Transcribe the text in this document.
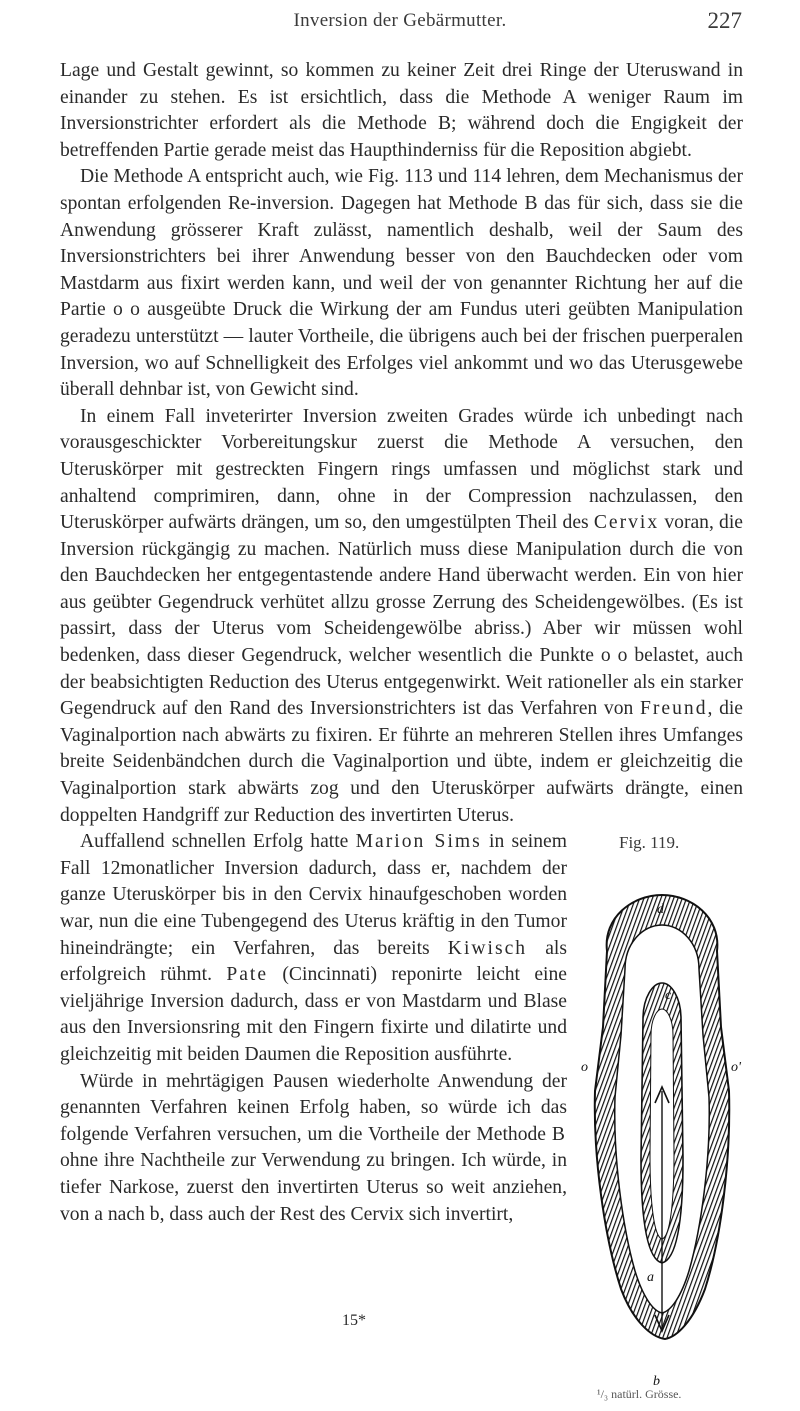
Inversion der Gebärmutter.	227

Lage und Gestalt gewinnt, so kommen zu keiner Zeit drei Ringe der Uteruswand in einander zu stehen. Es ist ersichtlich, dass die Methode A weniger Raum im Inversionstrichter erfordert als die Methode B; während doch die Engigkeit der betreffenden Partie gerade meist das Haupthinderniss für die Reposition abgiebt.

Die Methode A entspricht auch, wie Fig. 113 und 114 lehren, dem Mechanismus der spontan erfolgenden Re-inversion. Dagegen hat Methode B das für sich, dass sie die Anwendung grösserer Kraft zulässt, namentlich deshalb, weil der Saum des Inversionstrichters bei ihrer Anwendung besser von den Bauchdecken oder vom Mastdarm aus fixirt werden kann, und weil der von genannter Richtung her auf die Partie o o ausgeübte Druck die Wirkung der am Fundus uteri geübten Manipulation geradezu unterstützt — lauter Vortheile, die übrigens auch bei der frischen puerperalen Inversion, wo auf Schnelligkeit des Erfolges viel ankommt und wo das Uterusgewebe überall dehnbar ist, von Gewicht sind.

In einem Fall inveterirter Inversion zweiten Grades würde ich unbedingt nach vorausgeschickter Vorbereitungskur zuerst die Methode A versuchen, den Uteruskörper mit gestreckten Fingern rings umfassen und möglichst stark und anhaltend comprimiren, dann, ohne in der Compression nachzulassen, den Uteruskörper aufwärts drängen, um so, den umgestülpten Theil des Cervix voran, die Inversion rückgängig zu machen. Natürlich muss diese Manipulation durch die von den Bauchdecken her entgegentastende andere Hand überwacht werden. Ein von hier aus geübter Gegendruck verhütet allzu grosse Zerrung des Scheidengewölbes. (Es ist passirt, dass der Uterus vom Scheidengewölbe abriss.) Aber wir müssen wohl bedenken, dass dieser Gegendruck, welcher wesentlich die Punkte o o belastet, auch der beabsichtigten Reduction des Uterus entgegenwirkt. Weit rationeller als ein starker Gegendruck auf den Rand des Inversionstrichters ist das Verfahren von Freund, die Vaginalportion nach abwärts zu fixiren. Er führte an mehreren Stellen ihres Umfanges breite Seidenbändchen durch die Vaginalportion und übte, indem er gleichzeitig die Vaginalportion stark abwärts zog und den Uteruskörper aufwärts drängte, einen doppelten Handgriff zur Reduction des invertirten Uterus.

Fig. 119.
d
c
o	o'
a
b
¹/₃ natürl. Grösse.

Auffallend schnellen Erfolg hatte Marion Sims in seinem Fall 12monatlicher Inversion dadurch, dass er, nachdem der ganze Uteruskörper bis in den Cervix hinaufgeschoben worden war, nun die eine Tubengegend des Uterus kräftig in den Tumor hineindrängte; ein Verfahren, das bereits Kiwisch als erfolgreich rühmt. Pate (Cincinnati) reponirte leicht eine vieljährige Inversion dadurch, dass er von Mastdarm und Blase aus den Inversionsring mit den Fingern fixirte und dilatirte und gleichzeitig mit beiden Daumen die Reposition ausführte.

Würde in mehrtägigen Pausen wiederholte Anwendung der genannten Verfahren keinen Erfolg haben, so würde ich das folgende Verfahren versuchen, um die Vortheile der Methode B ohne ihre Nachtheile zur Verwendung zu bringen. Ich würde, in tiefer Narkose, zuerst den invertirten Uterus so weit anziehen, von a nach b, dass auch der Rest des Cervix sich invertirt,

15*
